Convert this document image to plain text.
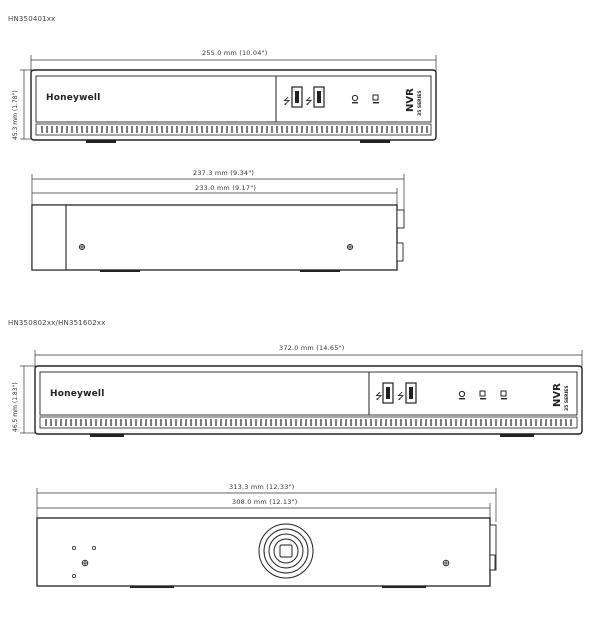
HN350401xx
255.0 mm (10.04")
45.3 mm (1.78")	⭍ ⭍
Honeywell	NVR 35 SERIES
237.3 mm (9.34")
233.0 mm (9.17")
HN350802xx/HN351602xx
372.0 mm (14.65")
46.5 mm (1.83")	⭍ ⭍
Honeywell	NVR 35 SERIES
313.3 mm (12.33")
308.0 mm (12.13")
